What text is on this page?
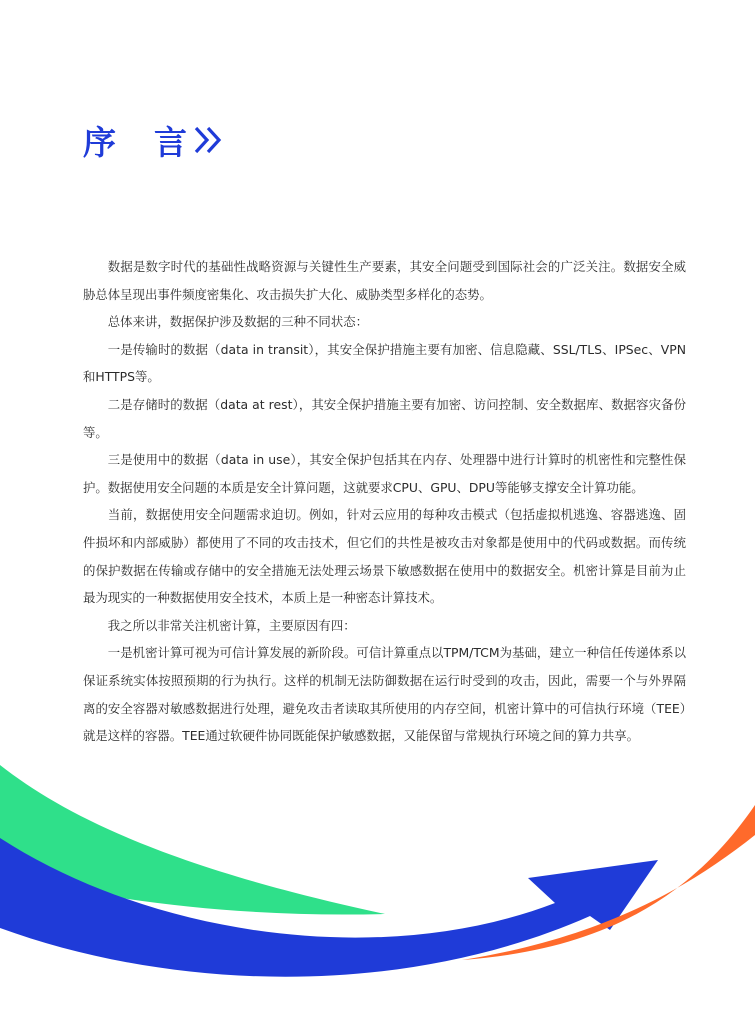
序 言

数据是数字时代的基础性战略资源与关键性生产要素，其安全问题受到国际社会的广泛关注。数据安全威胁总体呈现出事件频度密集化、攻击损失扩大化、威胁类型多样化的态势。

总体来讲，数据保护涉及数据的三种不同状态：

一是传输时的数据（data in transit），其安全保护措施主要有加密、信息隐藏、SSL/TLS、IPSec、VPN和HTTPS等。

二是存储时的数据（data at rest），其安全保护措施主要有加密、访问控制、安全数据库、数据容灾备份等。

三是使用中的数据（data in use），其安全保护包括其在内存、处理器中进行计算时的机密性和完整性保护。数据使用安全问题的本质是安全计算问题，这就要求CPU、GPU、DPU等能够支撑安全计算功能。

当前，数据使用安全问题需求迫切。例如，针对云应用的每种攻击模式（包括虚拟机逃逸、容器逃逸、固件损坏和内部威胁）都使用了不同的攻击技术，但它们的共性是被攻击对象都是使用中的代码或数据。而传统的保护数据在传输或存储中的安全措施无法处理云场景下敏感数据在使用中的数据安全。机密计算是目前为止最为现实的一种数据使用安全技术，本质上是一种密态计算技术。

我之所以非常关注机密计算，主要原因有四：

一是机密计算可视为可信计算发展的新阶段。可信计算重点以TPM/TCM为基础，建立一种信任传递体系以保证系统实体按照预期的行为执行。这样的机制无法防御数据在运行时受到的攻击，因此，需要一个与外界隔离的安全容器对敏感数据进行处理，避免攻击者读取其所使用的内存空间，机密计算中的可信执行环境（TEE）就是这样的容器。TEE通过软硬件协同既能保护敏感数据，又能保留与常规执行环境之间的算力共享。
